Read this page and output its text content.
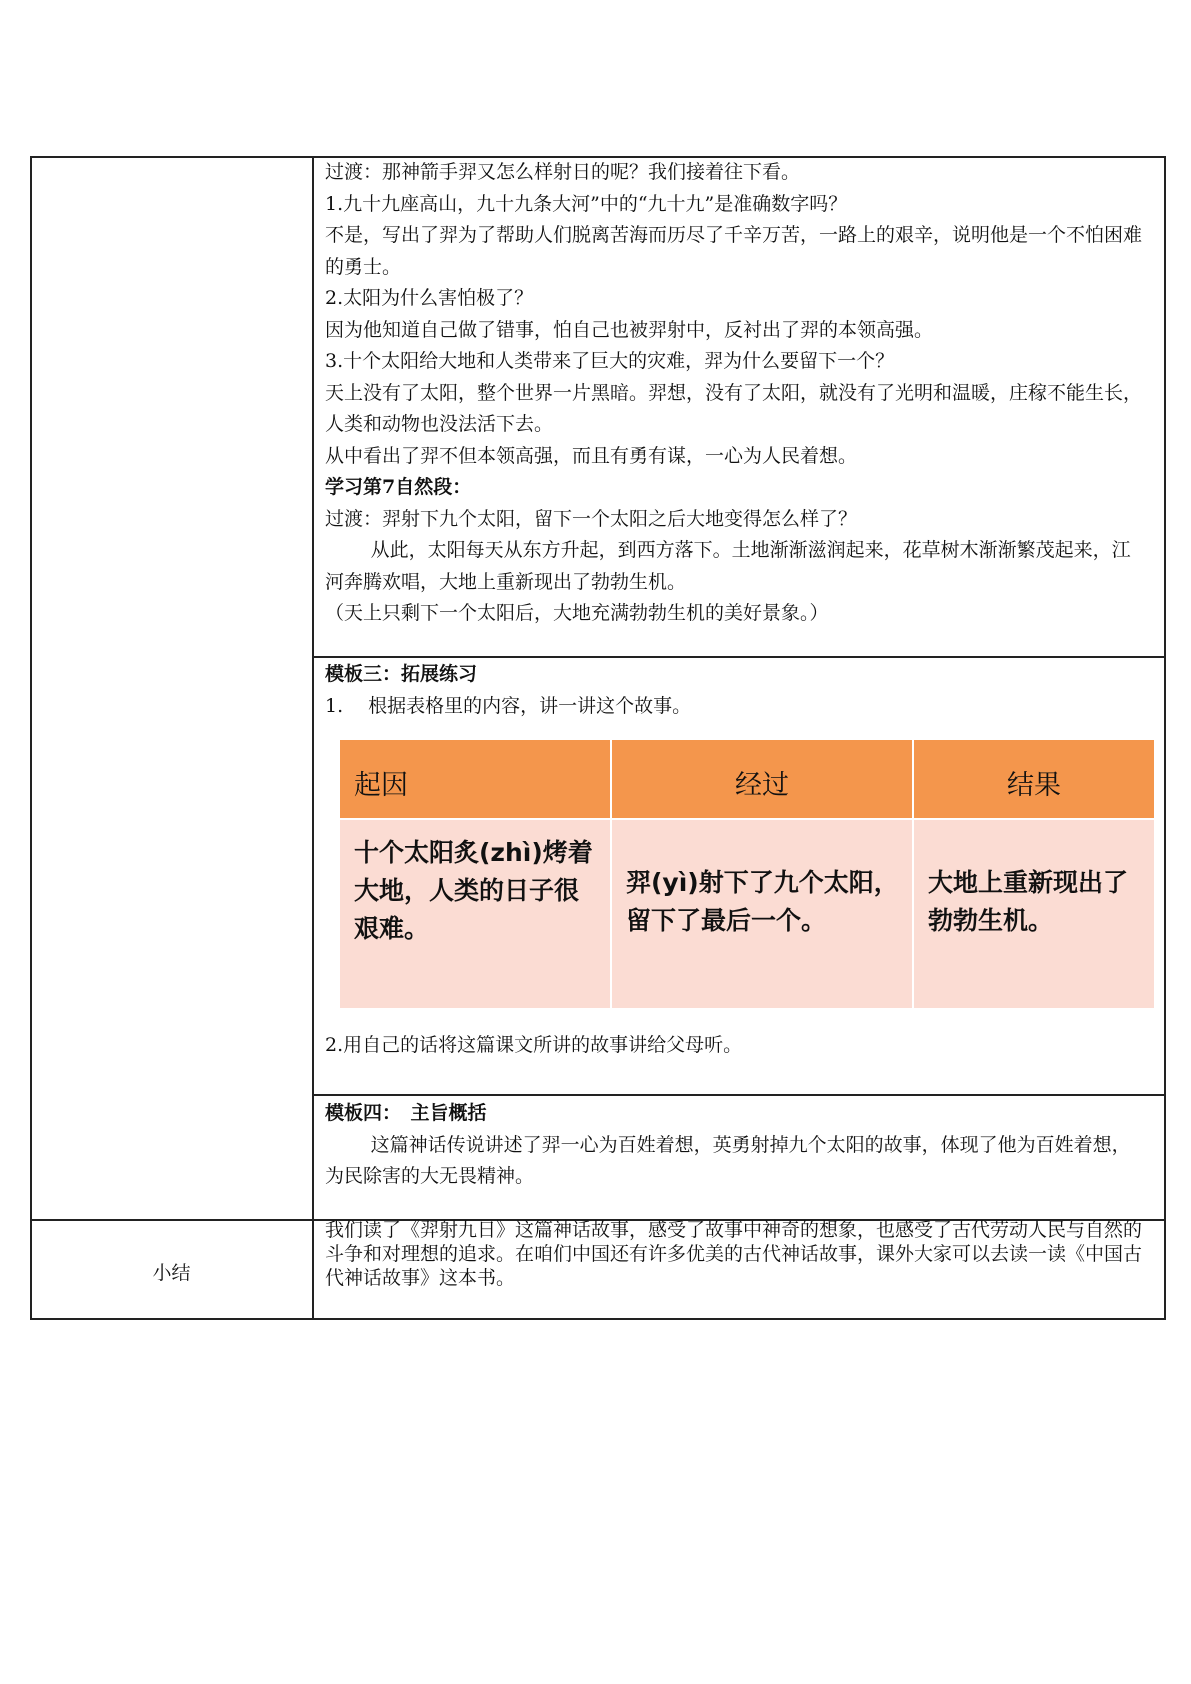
过渡：那神箭手羿又怎么样射日的呢？我们接着往下看。

1.九十九座高山，九十九条大河”中的“九十九”是准确数字吗？

不是，写出了羿为了帮助人们脱离苦海而历尽了千辛万苦，一路上的艰辛，说明他是一个不怕困难的勇士。

2.太阳为什么害怕极了？

因为他知道自己做了错事，怕自己也被羿射中，反衬出了羿的本领高强。

3.十个太阳给大地和人类带来了巨大的灾难，羿为什么要留下一个？

天上没有了太阳，整个世界一片黑暗。羿想，没有了太阳，就没有了光明和温暖，庄稼不能生长，人类和动物也没法活下去。

从中看出了羿不但本领高强，而且有勇有谋，一心为人民着想。

学习第7自然段：

过渡：羿射下九个太阳，留下一个太阳之后大地变得怎么样了？

从此，太阳每天从东方升起，到西方落下。土地渐渐滋润起来，花草树木渐渐繁茂起来，江河奔腾欢唱，大地上重新现出了勃勃生机。

（天上只剩下一个太阳后，大地充满勃勃生机的美好景象。）

模板三：拓展练习

1.　 根据表格里的内容，讲一讲这个故事。

起因	经过	结果
十个太阳炙(zhì)烤着大地，人类的日子很艰难。
羿(yì)射下了九个太阳，留下了最后一个。
大地上重新现出了勃勃生机。

2.用自己的话将这篇课文所讲的故事讲给父母听。

模板四：　主旨概括

这篇神话传说讲述了羿一心为百姓着想，英勇射掉九个太阳的故事，体现了他为百姓着想，为民除害的大无畏精神。

小结
我们读了《羿射九日》这篇神话故事，感受了故事中神奇的想象，也感受了古代劳动人民与自然的斗争和对理想的追求。在咱们中国还有许多优美的古代神话故事，课外大家可以去读一读《中国古代神话故事》这本书。
